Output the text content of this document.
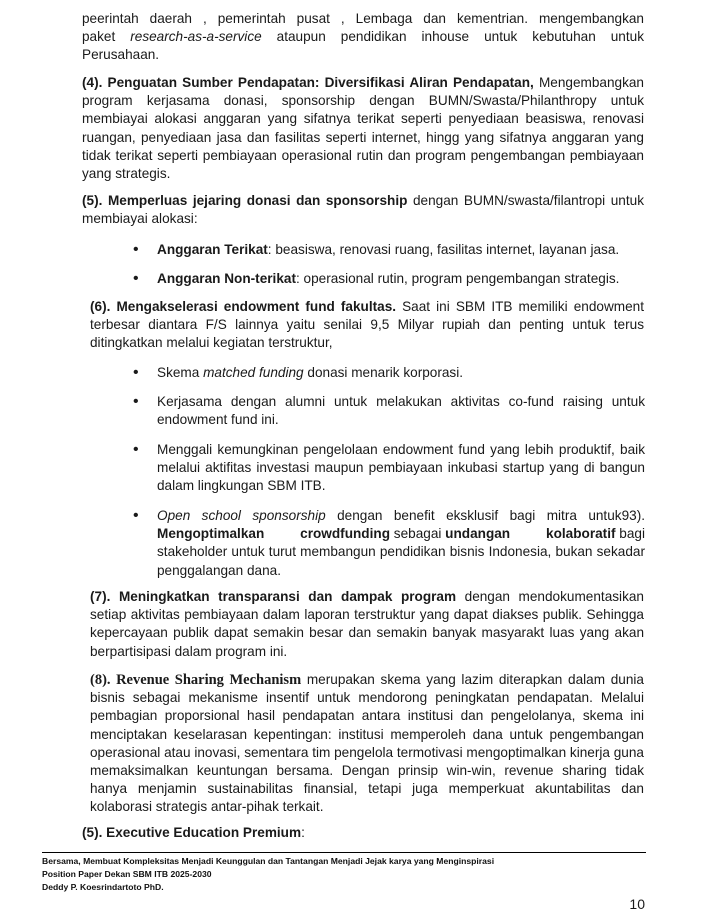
peerintah daerah , pemerintah pusat , Lembaga dan kementrian. mengembangkan
paket research-as-a-service ataupun pendidikan inhouse untuk kebutuhan untuk
Perusahaan.
(4). Penguatan Sumber Pendapatan: Diversifikasi Aliran Pendapatan, Mengembangkan program kerjasama donasi, sponsorship dengan BUMN/Swasta/Philanthropy untuk membiayai alokasi anggaran yang sifatnya terikat seperti penyediaan beasiswa, renovasi ruangan, penyediaan jasa dan fasilitas seperti internet, hingg yang sifatnya anggaran yang tidak terikat seperti pembiayaan operasional rutin dan program pengembangan pembiayaan yang strategis.
(5). Memperluas jejaring donasi dan sponsorship dengan BUMN/swasta/filantropi untuk membiayai alokasi:
• Anggaran Terikat: beasiswa, renovasi ruang, fasilitas internet, layanan jasa.
• Anggaran Non-terikat: operasional rutin, program pengembangan strategis.
(6). Mengakselerasi endowment fund fakultas. Saat ini SBM ITB memiliki endowment terbesar diantara F/S lainnya yaitu senilai 9,5 Milyar rupiah dan penting untuk terus ditingkatkan melalui kegiatan terstruktur,
• Skema matched funding donasi menarik korporasi.
• Kerjasama dengan alumni untuk melakukan aktivitas co-fund raising untuk endowment fund ini.
• Menggali kemungkinan pengelolaan endowment fund yang lebih produktif, baik melalui aktifitas investasi maupun pembiayaan inkubasi startup yang di bangun dalam lingkungan SBM ITB.
• Open school sponsorship dengan benefit eksklusif bagi mitra untuk93).
Mengoptimalkan	crowdfunding sebagai undangan	kolaboratif bagi
stakeholder untuk turut membangun pendidikan bisnis Indonesia, bukan sekadar penggalangan dana.
(7). Meningkatkan transparansi dan dampak program dengan mendokumentasikan setiap aktivitas pembiayaan dalam laporan terstruktur yang dapat diakses publik. Sehingga kepercayaan publik dapat semakin besar dan semakin banyak masyarakt luas yang akan berpartisipasi dalam program ini.
(8). Revenue Sharing Mechanism merupakan skema yang lazim diterapkan dalam dunia bisnis sebagai mekanisme insentif untuk mendorong peningkatan pendapatan. Melalui pembagian proporsional hasil pendapatan antara institusi dan pengelolanya, skema ini menciptakan keselarasan kepentingan: institusi memperoleh dana untuk pengembangan operasional atau inovasi, sementara tim pengelola termotivasi mengoptimalkan kinerja guna memaksimalkan keuntungan bersama. Dengan prinsip win-win, revenue sharing tidak hanya menjamin sustainabilitas finansial, tetapi juga memperkuat akuntabilitas dan kolaborasi strategis antar-pihak terkait.
(5). Executive Education Premium:
Bersama, Membuat Kompleksitas Menjadi Keunggulan dan Tantangan Menjadi Jejak karya yang Menginspirasi
Position Paper Dekan SBM ITB 2025-2030
Deddy P. Koesrindartoto PhD.
10
